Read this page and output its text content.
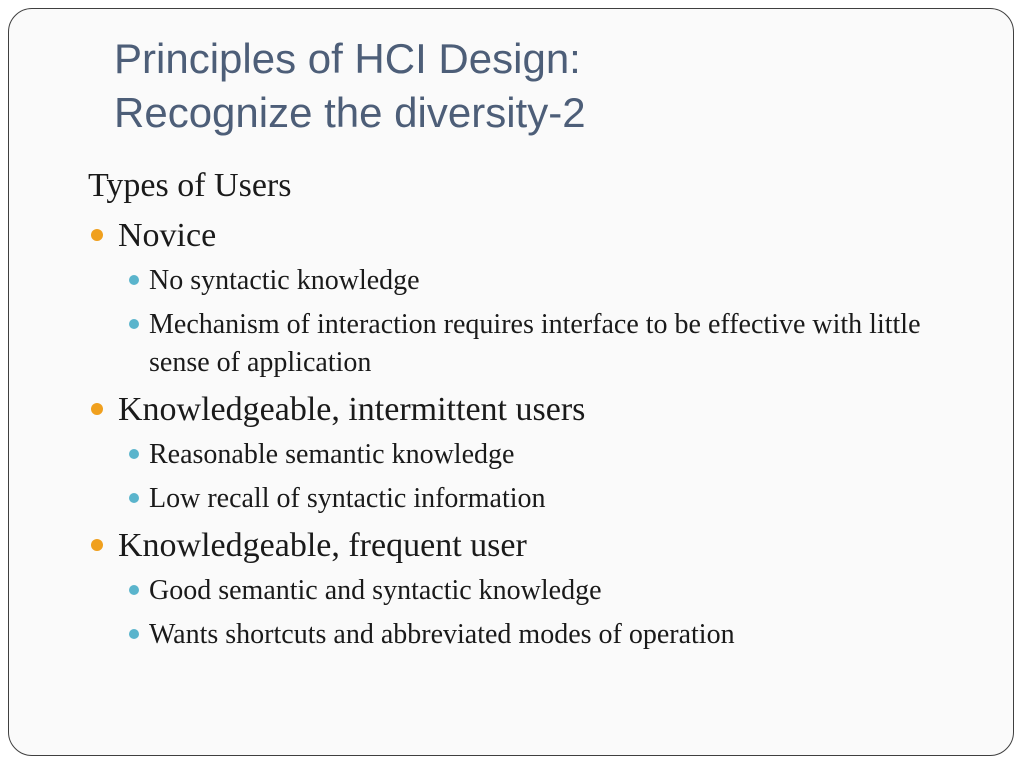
Principles of HCI Design:
Recognize the diversity-2

Types of Users

Novice
No syntactic knowledge
Mechanism of interaction requires interface to be effective with little sense of application
Knowledgeable, intermittent users
Reasonable semantic knowledge
Low recall of syntactic information
Knowledgeable, frequent user
Good semantic and syntactic knowledge
Wants shortcuts and abbreviated modes of operation
